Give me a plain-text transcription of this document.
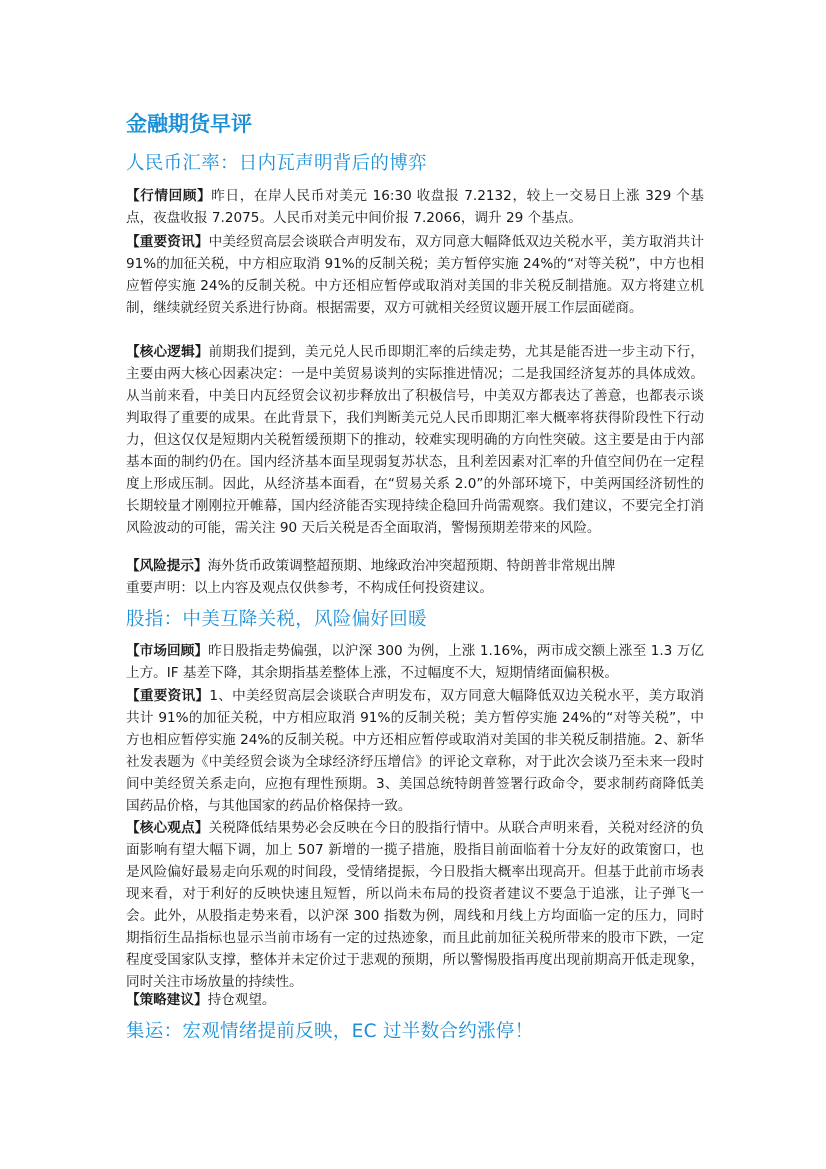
金融期货早评
人民币汇率：日内瓦声明背后的博弈

【行情回顾】昨日，在岸人民币对美元 16:30 收盘报 7.2132，较上一交易日上涨 329 个基点，夜盘收报 7.2075。人民币对美元中间价报 7.2066，调升 29 个基点。

【重要资讯】中美经贸高层会谈联合声明发布，双方同意大幅降低双边关税水平，美方取消共计 91%的加征关税，中方相应取消 91%的反制关税；美方暂停实施 24%的“对等关税”，中方也相应暂停实施 24%的反制关税。中方还相应暂停或取消对美国的非关税反制措施。双方将建立机制，继续就经贸关系进行协商。根据需要，双方可就相关经贸议题开展工作层面磋商。

【核心逻辑】前期我们提到，美元兑人民币即期汇率的后续走势，尤其是能否进一步主动下行，主要由两大核心因素决定：一是中美贸易谈判的实际推进情况；二是我国经济复苏的具体成效。从当前来看，中美日内瓦经贸会议初步释放出了积极信号，中美双方都表达了善意，也都表示谈判取得了重要的成果。在此背景下，我们判断美元兑人民币即期汇率大概率将获得阶段性下行动力，但这仅仅是短期内关税暂缓预期下的推动，较难实现明确的方向性突破。这主要是由于内部基本面的制约仍在。国内经济基本面呈现弱复苏状态，且利差因素对汇率的升值空间仍在一定程度上形成压制。因此，从经济基本面看，在“贸易关系 2.0”的外部环境下，中美两国经济韧性的长期较量才刚刚拉开帷幕，国内经济能否实现持续企稳回升尚需观察。我们建议，不要完全打消风险波动的可能，需关注 90 天后关税是否全面取消，警惕预期差带来的风险。

【风险提示】海外货币政策调整超预期、地缘政治冲突超预期、特朗普非常规出牌

重要声明：以上内容及观点仅供参考，不构成任何投资建议。

股指：中美互降关税，风险偏好回暖

【市场回顾】昨日股指走势偏强，以沪深 300 为例，上涨 1.16%，两市成交额上涨至 1.3 万亿上方。IF 基差下降，其余期指基差整体上涨，不过幅度不大，短期情绪面偏积极。

【重要资讯】1、中美经贸高层会谈联合声明发布，双方同意大幅降低双边关税水平，美方取消共计 91%的加征关税，中方相应取消 91%的反制关税；美方暂停实施 24%的“对等关税”，中方也相应暂停实施 24%的反制关税。中方还相应暂停或取消对美国的非关税反制措施。2、新华社发表题为《中美经贸会谈为全球经济纾压增信》的评论文章称，对于此次会谈乃至未来一段时间中美经贸关系走向，应抱有理性预期。3、美国总统特朗普签署行政命令，要求制药商降低美国药品价格，与其他国家的药品价格保持一致。

【核心观点】关税降低结果势必会反映在今日的股指行情中。从联合声明来看，关税对经济的负面影响有望大幅下调，加上 507 新增的一揽子措施，股指目前面临着十分友好的政策窗口，也是风险偏好最易走向乐观的时间段，受情绪提振，今日股指大概率出现高开。但基于此前市场表现来看，对于利好的反映快速且短暂，所以尚未布局的投资者建议不要急于追涨，让子弹飞一会。此外，从股指走势来看，以沪深 300 指数为例，周线和月线上方均面临一定的压力，同时期指衍生品指标也显示当前市场有一定的过热迹象，而且此前加征关税所带来的股市下跌，一定程度受国家队支撑，整体并未定价过于悲观的预期，所以警惕股指再度出现前期高开低走现象，同时关注市场放量的持续性。

【策略建议】持仓观望。

集运：宏观情绪提前反映，EC 过半数合约涨停！
